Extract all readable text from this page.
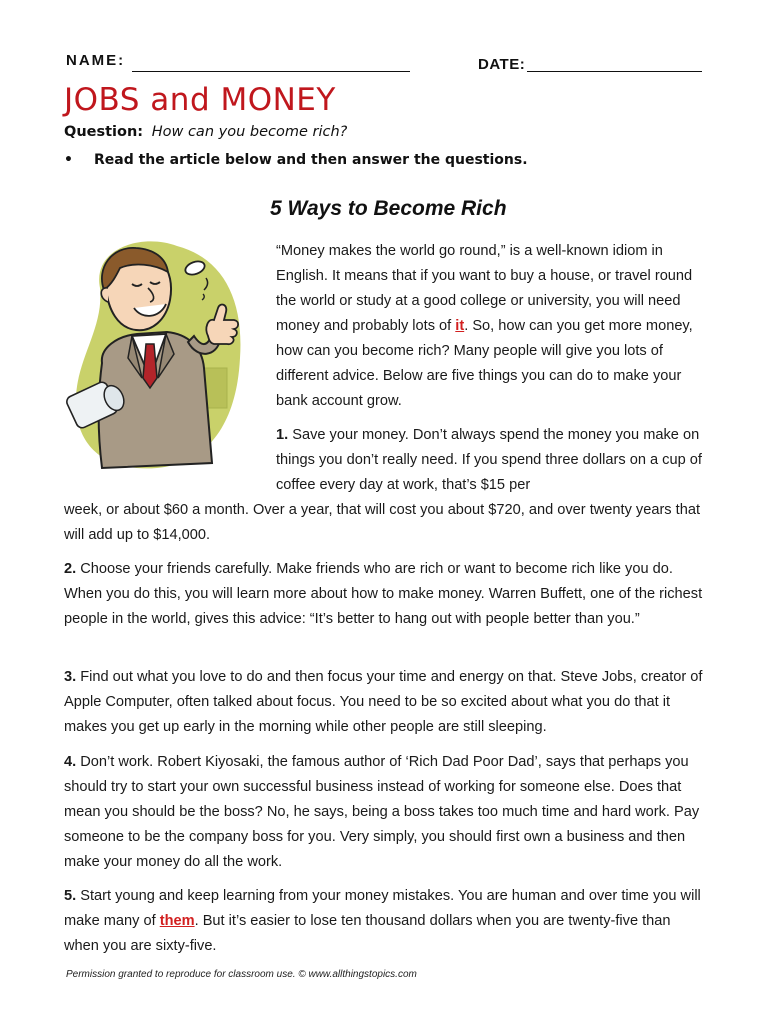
NAME:	DATE:
JOBS and MONEY
Question: How can you become rich?
• Read the article below and then answer the questions.
5 Ways to Become Rich
“Money makes the world go round,” is a well-known idiom in English. It means that if you want to buy a house, or travel round the world or study at a good college or university, you will need money and probably lots of it. So, how can you get more money, how can you become rich? Many people will give you lots of different advice. Below are five things you can do to make your bank account grow.
1. Save your money. Don’t always spend the money you make on things you don’t really need. If you spend three dollars on a cup of coffee every day at work, that’s $15 per
week, or about $60 a month. Over a year, that will cost you about $720, and over twenty years that will add up to $14,000.
2. Choose your friends carefully. Make friends who are rich or want to become rich like you do. When you do this, you will learn more about how to make money. Warren Buffett, one of the richest people in the world, gives this advice: “It’s better to hang out with people better than you.”
3. Find out what you love to do and then focus your time and energy on that. Steve Jobs, creator of Apple Computer, often talked about focus. You need to be so excited about what you do that it makes you get up early in the morning while other people are still sleeping.
4. Don’t work. Robert Kiyosaki, the famous author of ‘Rich Dad Poor Dad’, says that perhaps you should try to start your own successful business instead of working for someone else. Does that mean you should be the boss? No, he says, being a boss takes too much time and hard work. Pay someone to be the company boss for you. Very simply, you should first own a business and then make your money do all the work.
5. Start young and keep learning from your money mistakes. You are human and over time you will make many of them. But it’s easier to lose ten thousand dollars when you are twenty-five than when you are sixty-five.
Permission granted to reproduce for classroom use. © www.allthingstopics.com
